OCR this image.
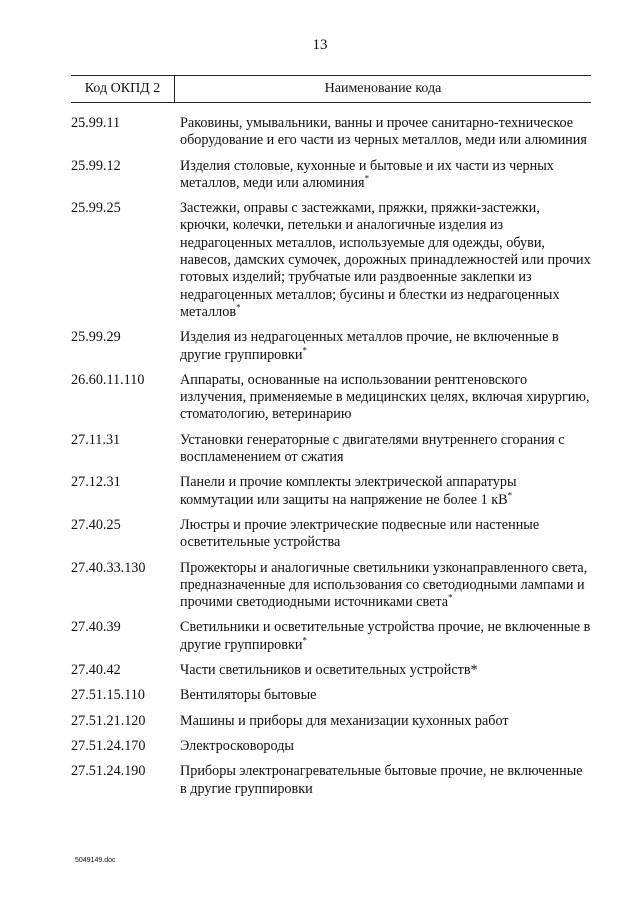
13
Код ОКПД 2	Наименование кода
25.99.11	Раковины, умывальники, ванны и прочее санитарно-техническое оборудование и его части из черных металлов, меди или алюминия
25.99.12	Изделия столовые, кухонные и бытовые и их части из черных металлов, меди или алюминия*
25.99.25	Застежки, оправы с застежками, пряжки, пряжки-застежки, крючки, колечки, петельки и аналогичные изделия из недрагоценных металлов, используемые для одежды, обуви, навесов, дамских сумочек, дорожных принадлежностей или прочих готовых изделий; трубчатые или раздвоенные заклепки из недрагоценных металлов; бусины и блестки из недрагоценных металлов*
25.99.29	Изделия из недрагоценных металлов прочие, не включенные в другие группировки*
26.60.11.110	Аппараты, основанные на использовании рентгеновского излучения, применяемые в медицинских целях, включая хирургию, стоматологию, ветеринарию
27.11.31	Установки генераторные с двигателями внутреннего сгорания с воспламенением от сжатия
27.12.31	Панели и прочие комплекты электрической аппаратуры коммутации или защиты на напряжение не более 1 кВ*
27.40.25	Люстры и прочие электрические подвесные или настенные осветительные устройства
27.40.33.130	Прожекторы и аналогичные светильники узконаправленного света, предназначенные для использования со светодиодными лампами и прочими светодиодными источниками света*
27.40.39	Светильники и осветительные устройства прочие, не включенные в другие группировки*
27.40.42	Части светильников и осветительных устройств*
27.51.15.110	Вентиляторы бытовые
27.51.21.120	Машины и приборы для механизации кухонных работ
27.51.24.170	Электросковороды
27.51.24.190	Приборы электронагревательные бытовые прочие, не включенные в другие группировки
5049149.doc
